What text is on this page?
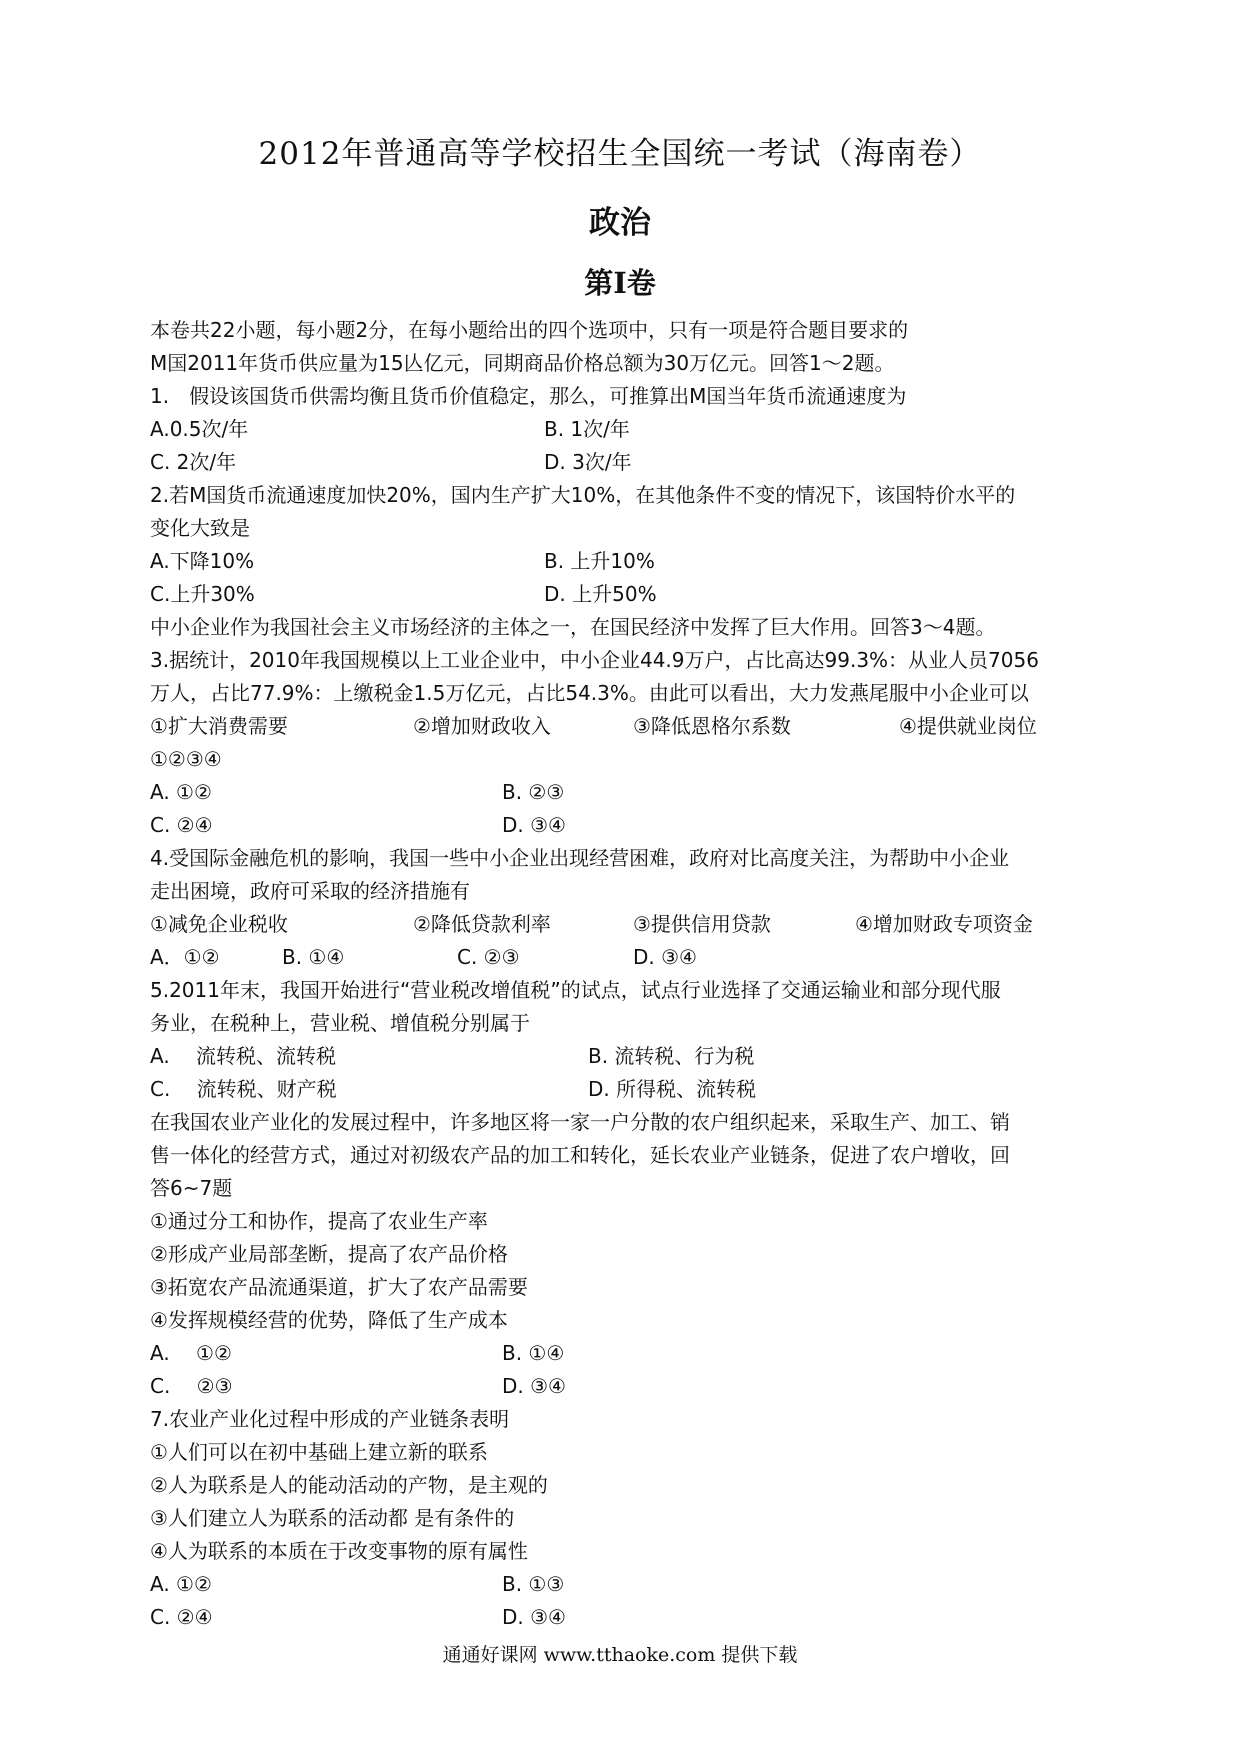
2012年普通高等学校招生全国统一考试（海南卷）
政治
第Ⅰ卷
本卷共22小题，每小题2分，在每小题给出的四个选项中，只有一项是符合题目要求的
M国2011年货币供应量为15亾亿元，同期商品价格总额为30万亿元。回答1～2题。
1.　假设该国货币供需均衡且货币价值稳定，那么，可推算出M国当年货币流通速度为
A.0.5次/年	B. 1次/年
C. 2次/年	D. 3次/年
2.若M国货币流通速度加快20%，国内生产扩大10%，在其他条件不变的情况下，该国特价水平的
变化大致是
A.下降10%	B. 上升10%
C.上升30%	D. 上升50%
中小企业作为我国社会主义市场经济的主体之一，在国民经济中发挥了巨大作用。回答3～4题。
3.据统计，2010年我国规模以上工业企业中，中小企业44.9万户，占比高达99.3%：从业人员7056
万人，占比77.9%：上缴税金1.5万亿元，占比54.3%。由此可以看出，大力发燕尾服中小企业可以
①扩大消费需要	②增加财政收入	③降低恩格尔系数	④提供就业岗位
①②③④
A. ①②	B. ②③
C. ②④	D. ③④
4.受国际金融危机的影响，我国一些中小企业出现经营困难，政府对比高度关注，为帮助中小企业
走出困境，政府可采取的经济措施有
①减免企业税收	②降低贷款利率	③提供信用贷款	④增加财政专项资金
A．①②	B. ①④	C. ②③	D. ③④
5.2011年末，我国开始进行“营业税改增值税”的试点，试点行业选择了交通运输业和部分现代服
务业，在税种上，营业税、增值税分别属于
A.　 流转税、流转税	B. 流转税、行为税
C.　 流转税、财产税	D. 所得税、流转税
在我国农业产业化的发展过程中，许多地区将一家一户分散的农户组织起来，采取生产、加工、销
售一体化的经营方式，通过对初级农产品的加工和转化，延长农业产业链条，促进了农户增收，回
答6~7题
①通过分工和协作，提高了农业生产率
②形成产业局部垄断，提高了农产品价格
③拓宽农产品流通渠道，扩大了农产品需要
④发挥规模经营的优势，降低了生产成本
A.　 ①②	B. ①④
C.　 ②③	D. ③④
7.农业产业化过程中形成的产业链条表明
①人们可以在初中基础上建立新的联系
②人为联系是人的能动活动的产物，是主观的
③人们建立人为联系的活动都 是有条件的
④人为联系的本质在于改变事物的原有属性
A. ①②	B. ①③
C. ②④	D. ③④
通通好课网 www.tthaoke.com 提供下载
